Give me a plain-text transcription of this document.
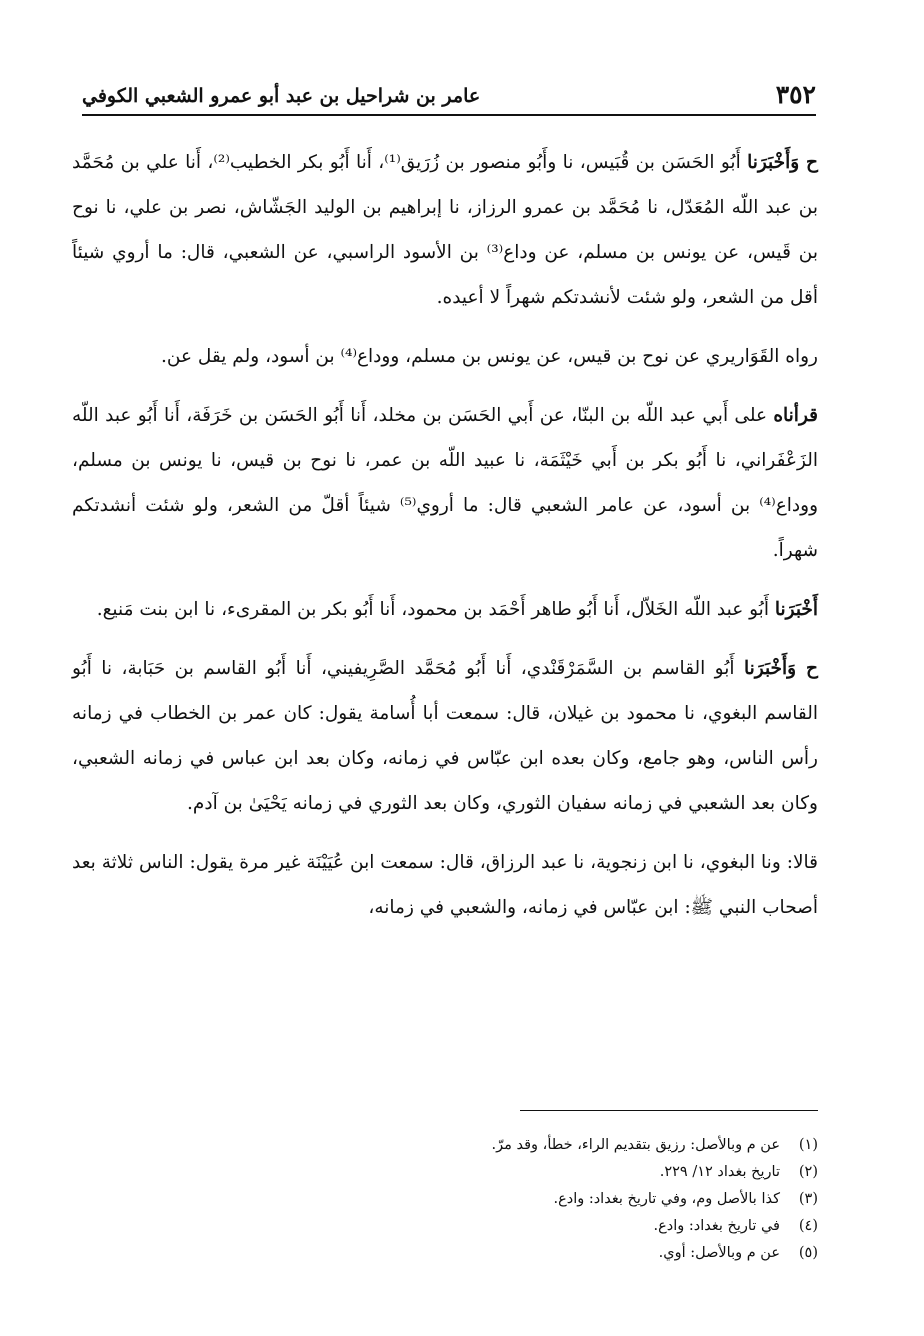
٣٥٢
عامر بن شراحيل بن عبد أبو عمرو الشعبي الكوفي

ح وَأَخْبَرَنا أَبُو الحَسَن بن قُبَيس، نا وأَبُو منصور بن زُرَيق⁽¹⁾، أَنا أَبُو بكر الخطيب⁽²⁾، أَنا علي بن مُحَمَّد بن عبد اللّه المُعَدّل، نا مُحَمَّد بن عمرو الرزاز، نا إبراهيم بن الوليد الجَشّاش، نصر بن علي، نا نوح بن قَيس، عن يونس بن مسلم، عن وداع⁽³⁾ بن الأسود الراسبي، عن الشعبي، قال: ما أروي شيئاً أقل من الشعر، ولو شئت لأنشدتكم شهراً لا أعيده.

رواه القَوَاريري عن نوح بن قيس، عن يونس بن مسلم، ووداع⁽⁴⁾ بن أسود، ولم يقل عن.

قرأناه على أَبي عبد اللّه بن البنّا، عن أَبي الحَسَن بن مخلد، أَنا أَبُو الحَسَن بن خَرَفَة، أَنا أَبُو عبد اللّه الزَعْفَراني، نا أَبُو بكر بن أَبي خَيْثَمَة، نا عبيد اللّه بن عمر، نا نوح بن قيس، نا يونس بن مسلم، ووداع⁽⁴⁾ بن أسود، عن عامر الشعبي قال: ما أروي⁽⁵⁾ شيئاً أقلّ من الشعر، ولو شئت أنشدتكم شهراً.

أَخْبَرَنا أَبُو عبد اللّه الخَلاّل، أَنا أَبُو طاهر أَحْمَد بن محمود، أَنا أَبُو بكر بن المقرىء، نا ابن بنت مَنيع.

ح وَأَخْبَرَنا أَبُو القاسم بن السَّمَرْقَنْدي، أَنا أَبُو مُحَمَّد الصَّرِيفيني، أَنا أَبُو القاسم بن حَبَابة، نا أَبُو القاسم البغوي، نا محمود بن غيلان، قال: سمعت أبا أُسامة يقول: كان عمر بن الخطاب في زمانه رأس الناس، وهو جامع، وكان بعده ابن عبّاس في زمانه، وكان بعد ابن عباس في زمانه الشعبي، وكان بعد الشعبي في زمانه سفيان الثوري، وكان بعد الثوري في زمانه يَحْيَىٰ بن آدم.

قالا: ونا البغوي، نا ابن زنجوية، نا عبد الرزاق، قال: سمعت ابن عُيَيْنَة غير مرة يقول: الناس ثلاثة بعد أصحاب النبي ﷺ: ابن عبّاس في زمانه، والشعبي في زمانه،

(١)
عن م وبالأصل: رزيق بتقديم الراء، خطأ، وقد مرّ.
(٢)
تاريخ بغداد ١٢/ ٢٢٩.
(٣)
كذا بالأصل وم، وفي تاريخ بغداد: وادع.
(٤)
في تاريخ بغداد: وادع.
(٥)
عن م وبالأصل: أوي.
